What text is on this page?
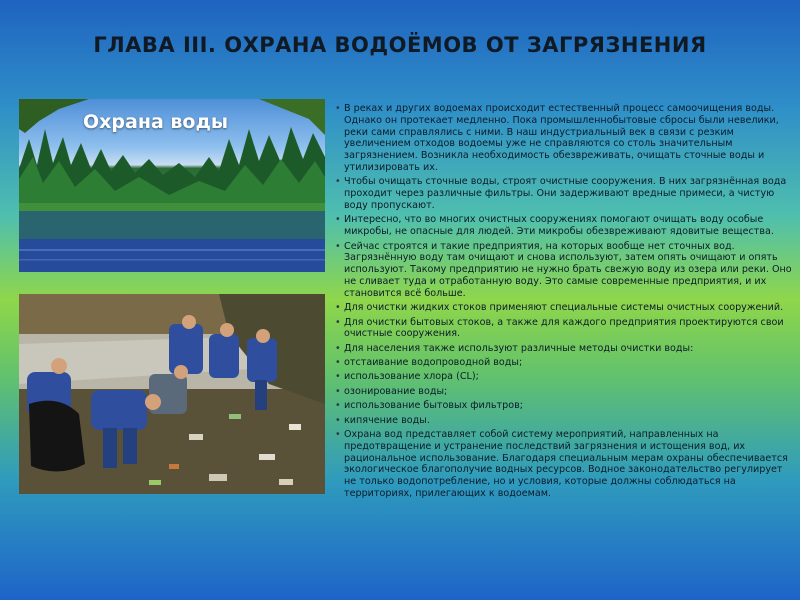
ГЛАВА III. ОХРАНА ВОДОЁМОВ ОТ ЗАГРЯЗНЕНИЯ
Охрана воды
• В реках и других водоемах происходит естественный процесс самоочищения воды. Однако он протекает медленно. Пока промышленнобытовые сбросы были невелики, реки сами справлялись с ними. В наш индустриальный век в связи с резким увеличением отходов водоемы уже не справляются со столь значительным загрязнением. Возникла необходимость обезвреживать, очищать сточные воды и утилизировать их.
• Чтобы очищать сточные воды, строят очистные сооружения. В них загрязнённая вода проходит через различные фильтры. Они задерживают вредные примеси, а чистую воду пропускают.
• Интересно, что во многих очистных сооружениях помогают очищать воду особые микробы, не опасные для людей. Эти микробы обезвреживают ядовитые вещества.
• Сейчас строятся и такие предприятия, на которых вообще нет сточных вод. Загрязнённую воду там очищают и снова используют, затем опять очищают и опять используют. Такому предприятию не нужно брать свежую воду из озера или реки. Оно не сливает туда и отработанную воду. Это самые современные предприятия, и их становится всё больше.
• Для очистки жидких стоков применяют специальные системы очистных сооружений.
• Для очистки бытовых стоков, а также для каждого предприятия проектируются свои очистные сооружения.
• Для населения также используют различные методы очистки воды:
• отстаивание водопроводной воды;
• использование хлора (CL);
• озонирование воды;
• использование бытовых фильтров;
• кипячение воды.
• Охрана вод представляет собой систему мероприятий, направленных на предотвращение и устранение последствий загрязнения и истощения вод, их рациональное использование. Благодаря специальным мерам охраны обеспечивается экологическое благополучие водных ресурсов. Водное законодательство регулирует не только водопотребление, но и условия, которые должны соблюдаться на территориях, прилегающих к водоемам.
